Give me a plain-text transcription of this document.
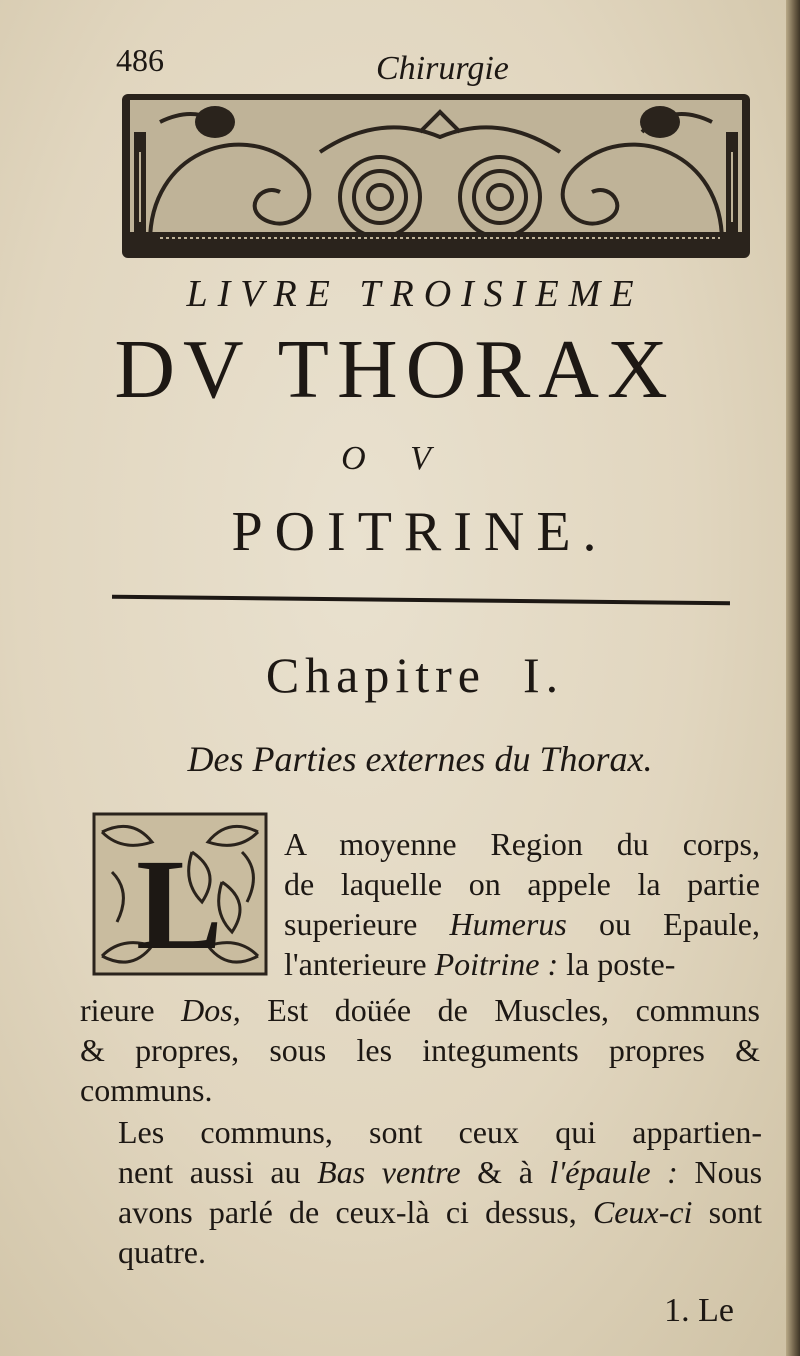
486	Chirurgie
LIVRE TROISIEME
DV THORAX
O V
POITRINE.
Chapitre I.
Des Parties externes du Thorax.
L A moyenne Region du corps,
de laquelle on appele la partie
superieure Humerus ou Epaule,
l'anterieure Poitrine : la poste-
rieure Dos, Est doüée de Muscles, communs
& propres, sous les integuments propres &
communs.
Les communs, sont ceux qui appartien-
nent aussi au Bas ventre & à l'épaule : Nous
avons parlé de ceux-là ci dessus, Ceux-ci sont
quatre.
1. Le
